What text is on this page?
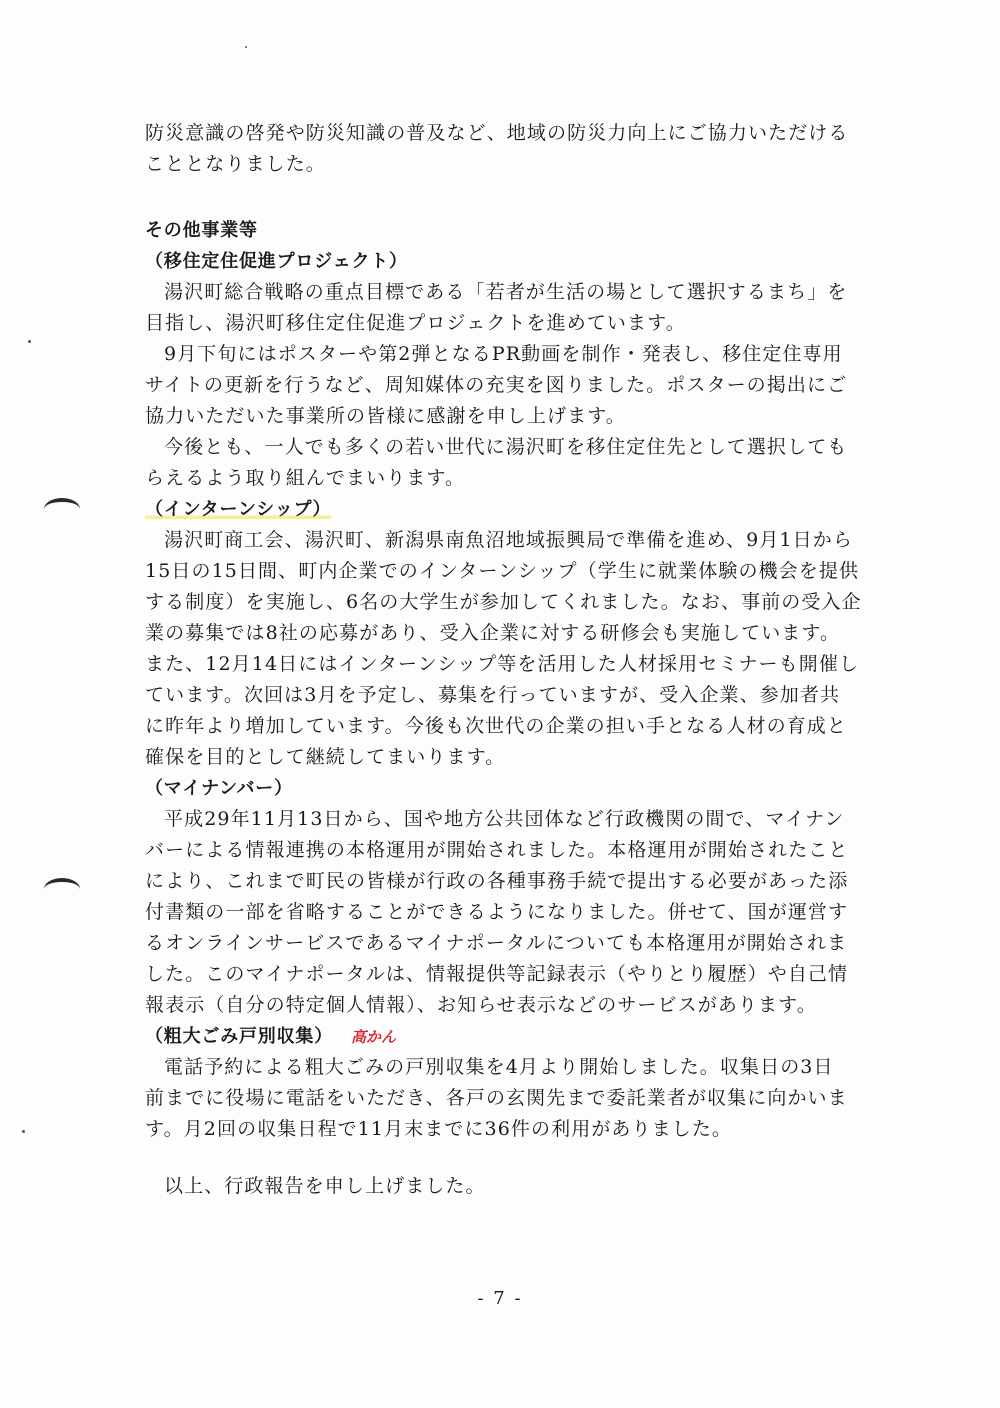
防災意識の啓発や防災知識の普及など、地域の防災力向上にご協力いただける
こととなりました。
その他事業等
（移住定住促進プロジェクト）
湯沢町総合戦略の重点目標である「若者が生活の場として選択するまち」を
目指し、湯沢町移住定住促進プロジェクトを進めています。
9月下旬にはポスターや第2弾となるPR動画を制作・発表し、移住定住専用
サイトの更新を行うなど、周知媒体の充実を図りました。ポスターの掲出にご
協力いただいた事業所の皆様に感謝を申し上げます。
今後とも、一人でも多くの若い世代に湯沢町を移住定住先として選択しても
らえるよう取り組んでまいります。
（インターンシップ）
湯沢町商工会、湯沢町、新潟県南魚沼地域振興局で準備を進め、9月1日から
15日の15日間、町内企業でのインターンシップ（学生に就業体験の機会を提供
する制度）を実施し、6名の大学生が参加してくれました。なお、事前の受入企
業の募集では8社の応募があり、受入企業に対する研修会も実施しています。
また、12月14日にはインターンシップ等を活用した人材採用セミナーも開催し
ています。次回は3月を予定し、募集を行っていますが、受入企業、参加者共
に昨年より増加しています。今後も次世代の企業の担い手となる人材の育成と
確保を目的として継続してまいります。
（マイナンバー）
平成29年11月13日から、国や地方公共団体など行政機関の間で、マイナン
バーによる情報連携の本格運用が開始されました。本格運用が開始されたこと
により、これまで町民の皆様が行政の各種事務手続で提出する必要があった添
付書類の一部を省略することができるようになりました。併せて、国が運営す
るオンラインサービスであるマイナポータルについても本格運用が開始されま
した。このマイナポータルは、情報提供等記録表示（やりとり履歴）や自己情
報表示（自分の特定個人情報）、お知らせ表示などのサービスがあります。
（粗大ごみ戸別収集） 高かん
電話予約による粗大ごみの戸別収集を4月より開始しました。収集日の3日
前までに役場に電話をいただき、各戸の玄関先まで委託業者が収集に向かいま
す。月2回の収集日程で11月末までに36件の利用がありました。
以上、行政報告を申し上げました。
- 7 -
